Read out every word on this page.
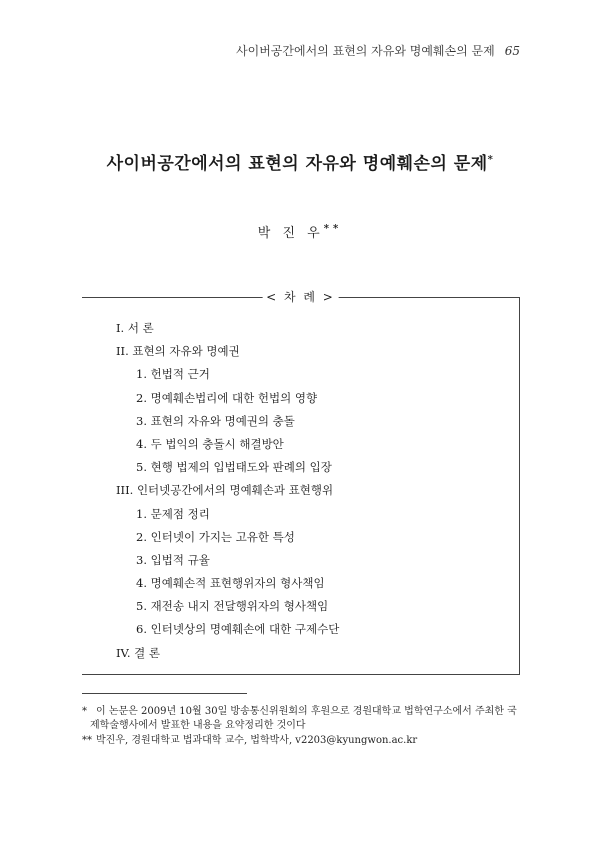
사이버공간에서의 표현의 자유와 명예훼손의 문제 65
사이버공간에서의 표현의 자유와 명예훼손의 문제*
박 진 우**
< 차 례 >
I. 서 론
II. 표현의 자유와 명예권
1. 헌법적 근거
2. 명예훼손법리에 대한 헌법의 영향
3. 표현의 자유와 명예권의 충돌
4. 두 법익의 충돌시 해결방안
5. 현행 법제의 입법태도와 판례의 입장
III. 인터넷공간에서의 명예훼손과 표현행위
1. 문제점 정리
2. 인터넷이 가지는 고유한 특성
3. 입법적 규율
4. 명예훼손적 표현행위자의 형사책임
5. 재전송 내지 전달행위자의 형사책임
6. 인터넷상의 명예훼손에 대한 구제수단
IV. 결 론

* 이 논문은 2009년 10월 30일 방송통신위원회의 후원으로 경원대학교 법학연구소에서 주최한 국
제학술행사에서 발표한 내용을 요약정리한 것이다

** 박진우, 경원대학교 법과대학 교수, 법학박사, v2203@kyungwon.ac.kr
